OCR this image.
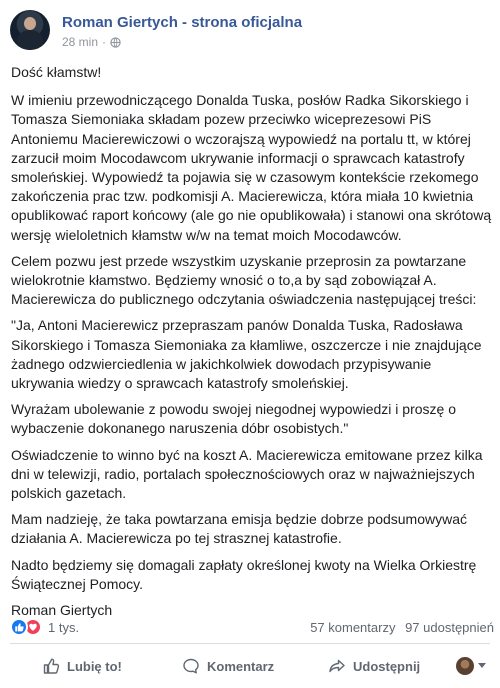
Roman Giertych - strona oficjalna
28 min ·

Dość kłamstw!

W imieniu przewodniczącego Donalda Tuska, posłów Radka Sikorskiego i Tomasza Siemoniaka składam pozew przeciwko wiceprezesowi PiS Antoniemu Macierewiczowi o wczorajszą wypowiedź na portalu tt, w której zarzucił moim Mocodawcom ukrywanie informacji o sprawcach katastrofy smoleńskiej. Wypowiedź ta pojawia się w czasowym kontekście rzekomego zakończenia prac tzw. podkomisji A. Macierewicza, która miała 10 kwietnia opublikować raport końcowy (ale go nie opublikowała) i stanowi ona skrótową wersję wieloletnich kłamstw w/w na temat moich Mocodawców.

Celem pozwu jest przede wszystkim uzyskanie przeprosin za powtarzane wielokrotnie kłamstwo. Będziemy wnosić o to,a by sąd zobowiązał A. Macierewicza do publicznego odczytania oświadczenia następującej treści:

"Ja, Antoni Macierewicz przepraszam panów Donalda Tuska, Radosława Sikorskiego i Tomasza Siemoniaka za kłamliwe, oszczercze i nie znajdujące żadnego odzwierciedlenia w jakichkolwiek dowodach przypisywanie ukrywania wiedzy o sprawcach katastrofy smoleńskiej.

Wyrażam ubolewanie z powodu swojej niegodnej wypowiedzi i proszę o wybaczenie dokonanego naruszenia dóbr osobistych."

Oświadczenie to winno być na koszt A. Macierewicza emitowane przez kilka dni w telewizji, radio, portalach społecznościowych oraz w najważniejszych polskich gazetach.

Mam nadzieję, że taka powtarzana emisja będzie dobrze podsumowywać działania A. Macierewicza po tej strasznej katastrofie.

Nadto będziemy się domagali zapłaty określonej kwoty na Wielka Orkiestrę Świątecznej Pomocy.

Roman Giertych

1 tys.	57 komentarzy 97 udostępnień
Lubię to!	Komentarz	Udostępnij
